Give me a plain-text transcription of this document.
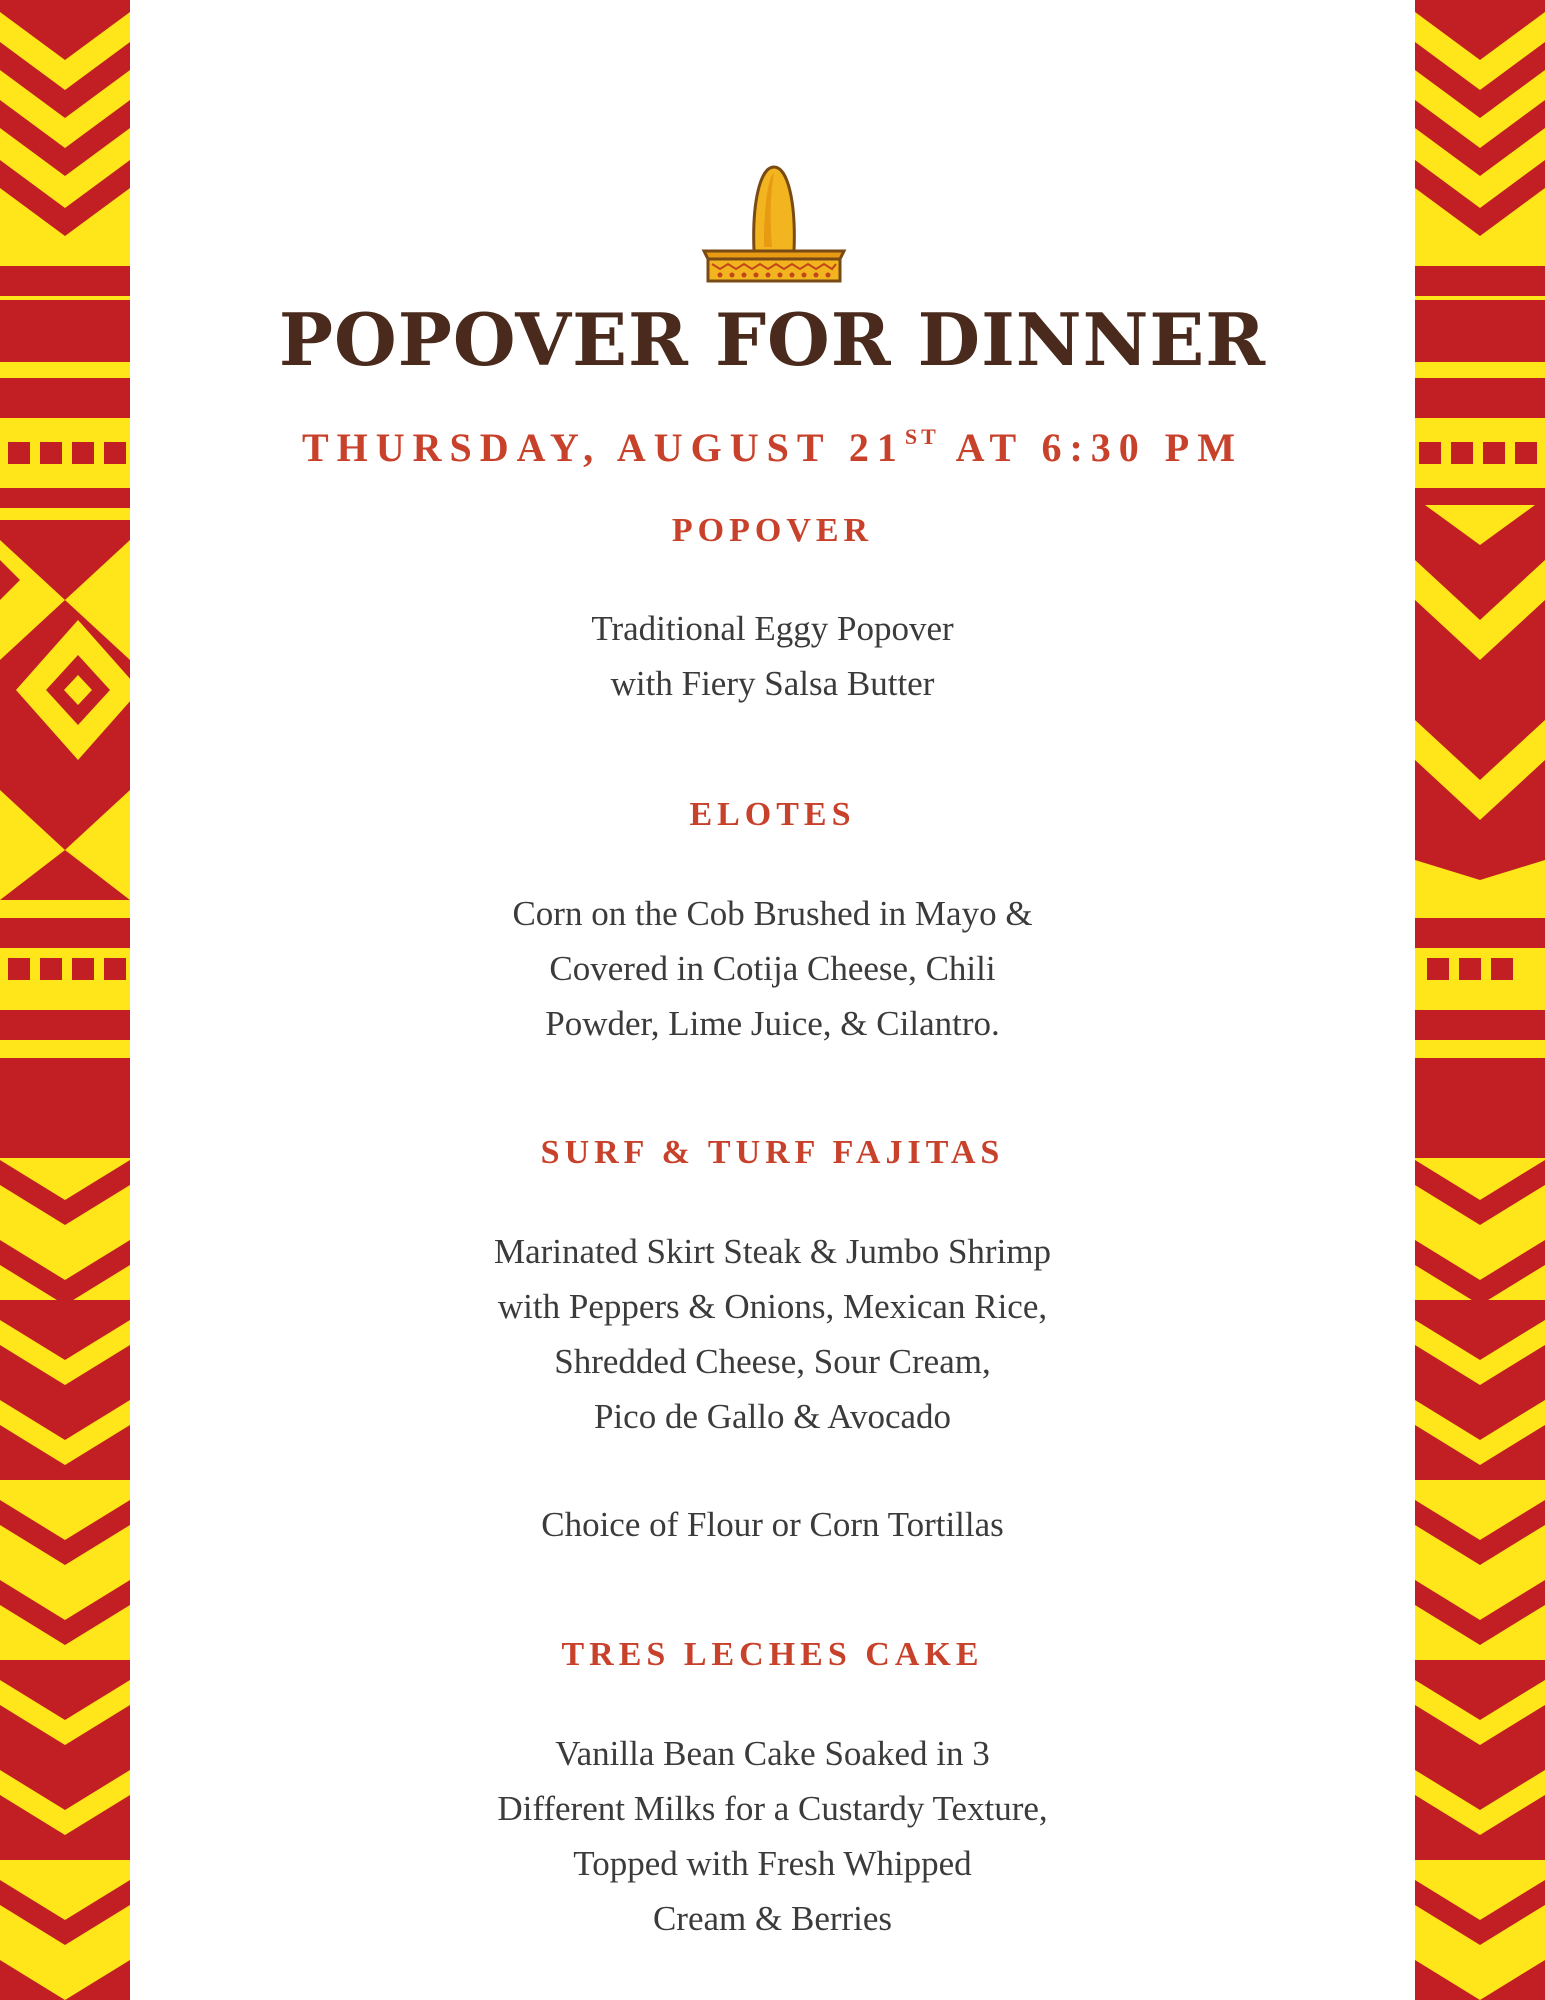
POPOVER FOR DINNER
THURSDAY, AUGUST 21ST AT 6:30 PM
POPOVER
Traditional Eggy Popover
with Fiery Salsa Butter
ELOTES
Corn on the Cob Brushed in Mayo &
Covered in Cotija Cheese, Chili
Powder, Lime Juice, & Cilantro.
SURF & TURF FAJITAS
Marinated Skirt Steak & Jumbo Shrimp
with Peppers & Onions, Mexican Rice,
Shredded Cheese, Sour Cream,
Pico de Gallo & Avocado
Choice of Flour or Corn Tortillas
TRES LECHES CAKE
Vanilla Bean Cake Soaked in 3
Different Milks for a Custardy Texture,
Topped with Fresh Whipped
Cream & Berries
